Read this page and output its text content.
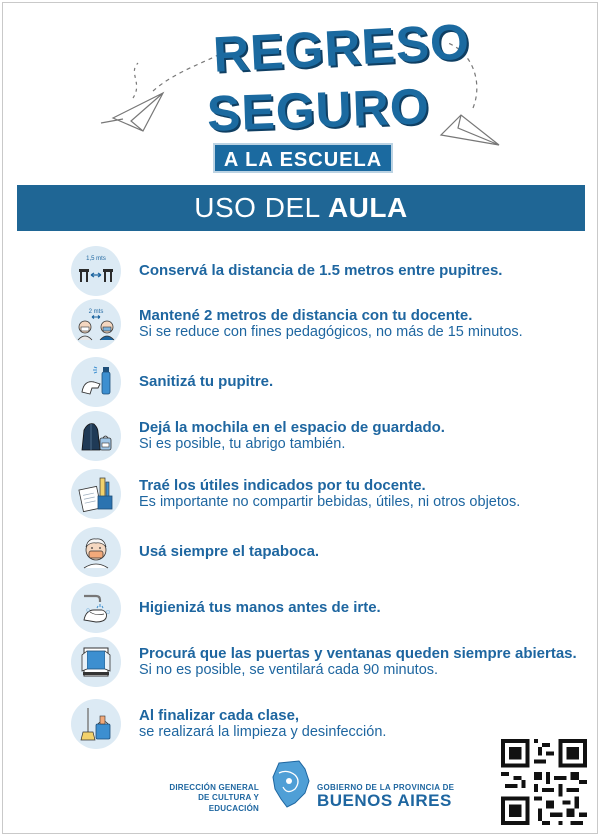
REGRESO
SEGURO
A LA ESCUELA
USO DEL AULA
1,5 mts
Conservá la distancia de 1.5 metros entre pupitres.
2 mts Mantené 2 metros de distancia con tu docente.
Si se reduce con fines pedagógicos, no más de 15 minutos.
Sanitizá tu pupitre.
Dejá la mochila en el espacio de guardado.
Si es posible, tu abrigo también.
Traé los útiles indicados por tu docente.
Es importante no compartir bebidas, útiles, ni otros objetos.
Usá siempre el tapaboca.
Higienizá tus manos antes de irte.
Procurá que las puertas y ventanas queden siempre abiertas.
Si no es posible, se ventilará cada 90 minutos.
Al finalizar cada clase,
se realizará la limpieza y desinfección.
DIRECCIÓN GENERAL
DE CULTURA Y EDUCACIÓN
GOBIERNO DE LA PROVINCIA DE
BUENOS AIRES
